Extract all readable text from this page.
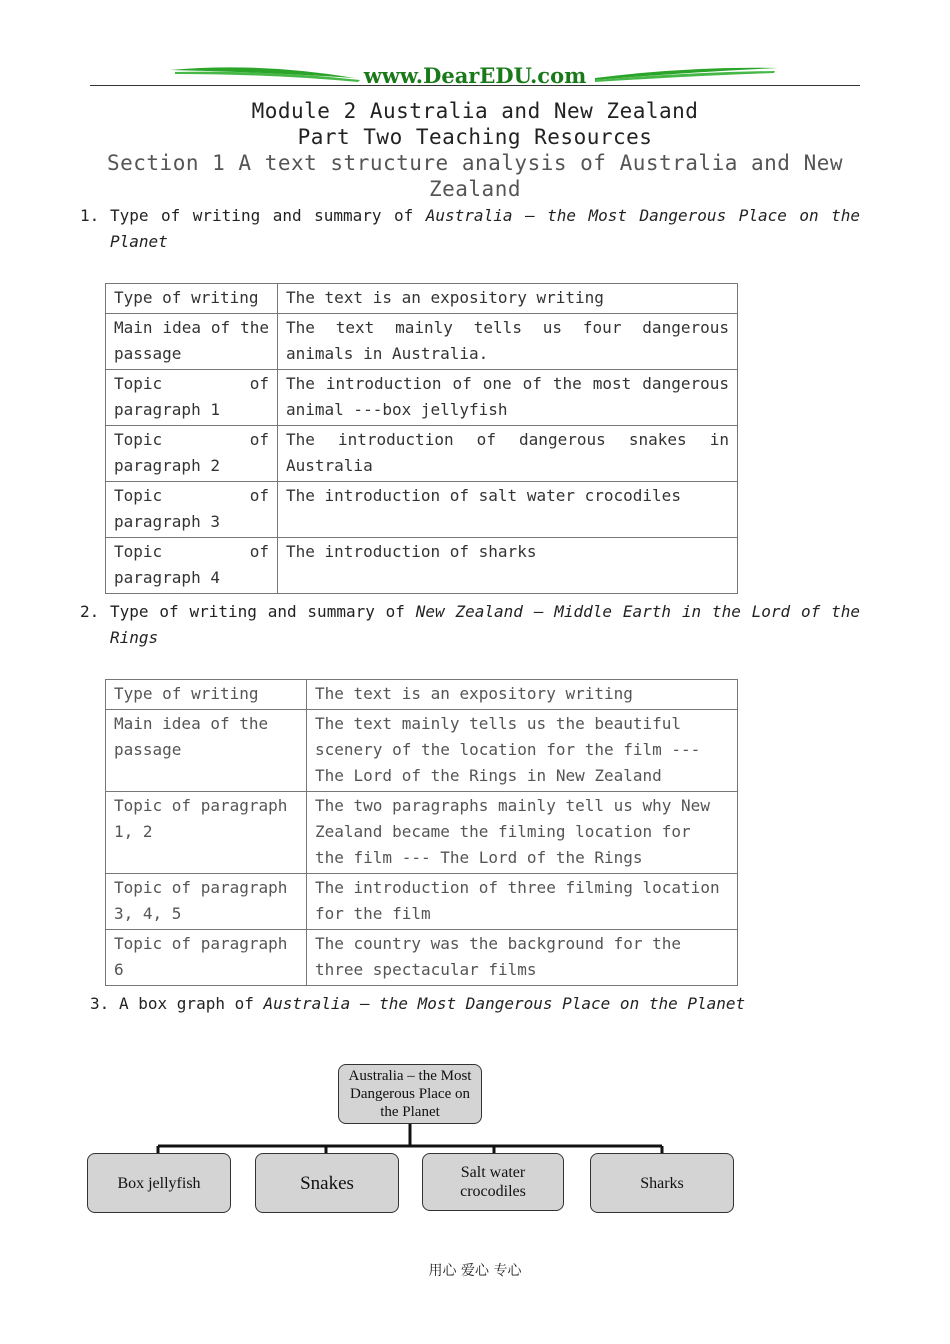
www.DearEDU.com
Module 2 Australia and New Zealand
Part Two Teaching Resources
Section 1 A text structure analysis of Australia and New
Zealand
1. Type of writing and summary of Australia – the Most Dangerous Place on the
Planet
Type of writing	The text is an expository writing
Main idea of the passage	The text mainly tells us four dangerous animals in Australia.
Topic of paragraph 1	The introduction of one of the most dangerous animal ---box jellyfish
Topic of paragraph 2	The introduction of dangerous snakes in Australia
Topic of paragraph 3	The introduction of salt water crocodiles
Topic of paragraph 4	The introduction of sharks
2. Type of writing and summary of New Zealand – Middle Earth in the Lord of the
Rings
Type of writing	The text is an expository writing
Main idea of the passage	The text mainly tells us the beautiful scenery of the location for the film --- The Lord of the Rings in New Zealand
Topic of paragraph 1, 2	The two paragraphs mainly tell us why New Zealand became the filming location for the film --- The Lord of the Rings
Topic of paragraph 3, 4, 5	The introduction of three filming location for the film
Topic of paragraph 6	The country was the background for the three spectacular films
3. A box graph of Australia – the Most Dangerous Place on the Planet
Australia – the Most Dangerous Place on the Planet
Box jellyfish	Snakes	Salt water crocodiles	Sharks
用心 爱心 专心
